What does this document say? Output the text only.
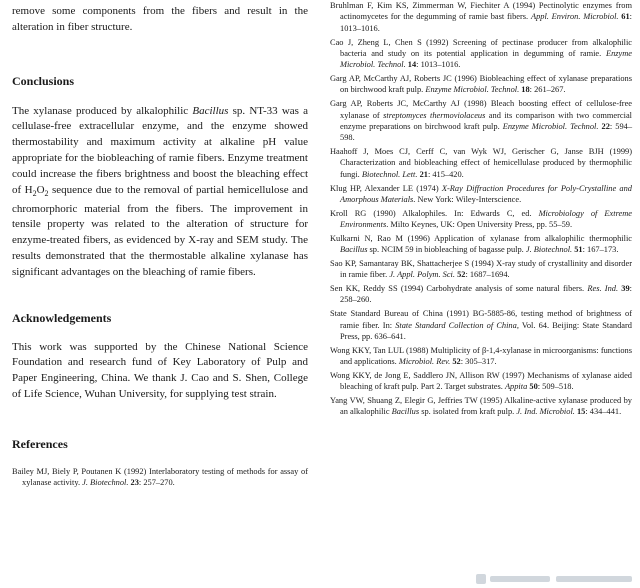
remove some components from the fibers and result in the alteration in fiber structure.

Conclusions

The xylanase produced by alkalophilic Bacillus sp. NT-33 was a cellulase-free extracellular enzyme, and the enzyme showed thermostability and maximum activity at alkaline pH value appropriate for the biobleaching of ramie fibers. Enzyme treatment could increase the fibers brightness and boost the bleaching effect of $H_2O_2$ sequence due to the removal of partial hemicellulose and chromorphoric material from the fibers. The improvement in tensile property was related to the alteration of structure for enzyme-treated fibers, as evidenced by X-ray and SEM study. The results demonstrated that the thermostable alkaline xylanase has significant advantages on the bleaching of ramie fibers.

Acknowledgements

This work was supported by the Chinese National Science Foundation and research fund of Key Laboratory of Pulp and Paper Engineering, China. We thank J. Cao and S. Shen, College of Life Science, Wuhan University, for supplying test strain.

References

Bailey MJ, Biely P, Poutanen K (1992) Interlaboratory testing of methods for assay of xylanase activity. J. Biotechnol. 23: 257–270.

Bruhlman F, Kim KS, Zimmerman W, Fiechiter A (1994) Pectinolytic enzymes from actinomycetes for the degumming of ramie bast fibers. Appl. Environ. Microbiol. 61: 1013–1016.
Cao J, Zheng L, Chen S (1992) Screening of pectinase producer from alkalophilic bacteria and study on its potential application in degumming of ramie. Enzyme Microbiol. Technol. 14: 1013–1016.
Garg AP, McCarthy AJ, Roberts JC (1996) Biobleaching effect of xylanase preparations on birchwood kraft pulp. Enzyme Microbiol. Technol. 18: 261–267.
Garg AP, Roberts JC, McCarthy AJ (1998) Bleach boosting effect of cellulose-free xylanase of streptomyces thermoviolaceus and its comparison with two commercial enzyme preparations on birchwood kraft pulp. Enzyme Microbiol. Technol. 22: 594–598.
Haahoff J, Moes CJ, Cerff C, van Wyk WJ, Gerischer G, Janse BJH (1999) Characterization and biobleaching effect of hemicellulase produced by thermophilic fungi. Biotechnol. Lett. 21: 415–420.
Klug HP, Alexander LE (1974) X-Ray Diffraction Procedures for Poly-Crystalline and Amorphous Materials. New York: Wiley-Interscience.
Kroll RG (1990) Alkalophiles. In: Edwards C, ed. Microbiology of Extreme Environments. Milto Keynes, UK: Open University Press, pp. 55–59.
Kulkarni N, Rao M (1996) Application of xylanase from alkalophilic thermophilic Bacillus sp. NCIM 59 in biobleaching of bagasse pulp. J. Biotechnol. 51: 167–173.
Sao KP, Samantaray BK, Shattacherjee S (1994) X-ray study of crystallinity and disorder in ramie fiber. J. Appl. Polym. Sci. 52: 1687–1694.
Sen KK, Reddy SS (1994) Carbohydrate analysis of some natural fibers. Res. Ind. 39: 258–260.
State Standard Bureau of China (1991) BG-5885-86, testing method of brightness of ramie fiber. In: State Standard Collection of China, Vol. 64. Beijing: State Standard Press, pp. 636–641.
Wong KKY, Tan LUL (1988) Multiplicity of β-1,4-xylanase in microorganisms: functions and applications. Microbiol. Rev. 52: 305–317.
Wong KKY, de Jong E, Saddlero JN, Allison RW (1997) Mechanisms of xylanase aided bleaching of kraft pulp. Part 2. Target substrates. Appita 50: 509–518.
Yang VW, Shuang Z, Elegir G, Jeffries TW (1995) Alkaline-active xylanase produced by an alkalophilic Bacillus sp. isolated from kraft pulp. J. Ind. Microbiol. 15: 434–441.
